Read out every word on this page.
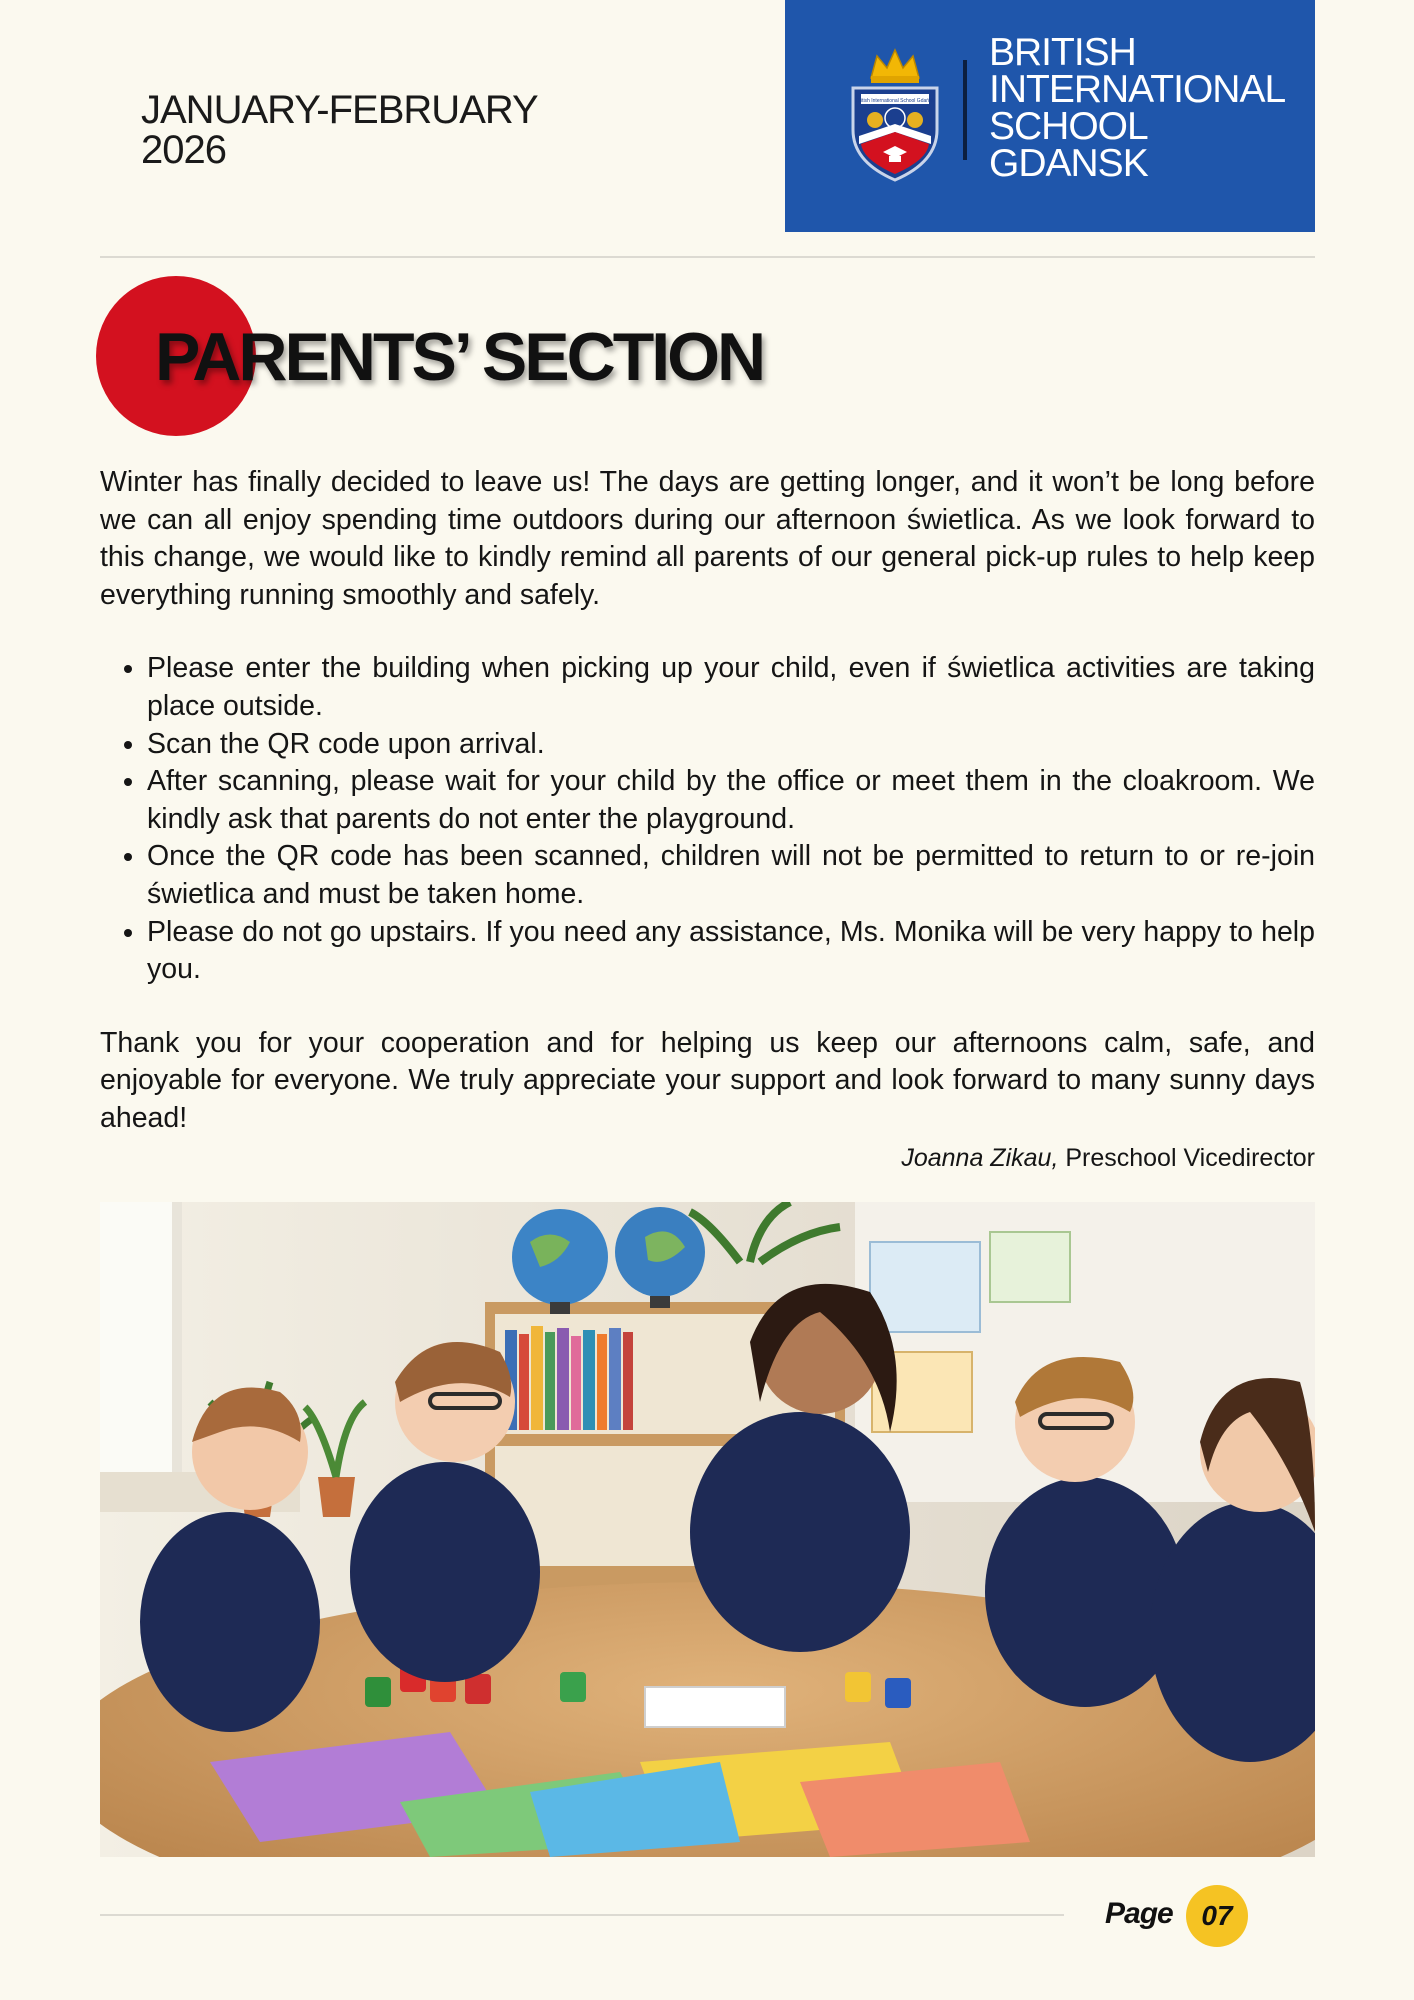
JANUARY-FEBRUARY
2026
British International School Gdańsk
BRITISH
INTERNATIONAL
SCHOOL
GDANSK
PARENTS’ SECTION

Winter has finally decided to leave us! The days are getting longer, and it won’t be long before we can all enjoy spending time outdoors during our afternoon świetlica. As we look forward to this change, we would like to kindly remind all parents of our general pick-up rules to help keep everything running smoothly and safely.

• Please enter the building when picking up your child, even if świetlica activities are taking place outside.
• Scan the QR code upon arrival.
• After scanning, please wait for your child by the office or meet them in the cloakroom. We kindly ask that parents do not enter the playground.
• Once the QR code has been scanned, children will not be permitted to return to or re-join świetlica and must be taken home.
• Please do not go upstairs. If you need any assistance, Ms. Monika will be very happy to help you.

Thank you for your cooperation and for helping us keep our afternoons calm, safe, and enjoyable for everyone. We truly appreciate your support and look forward to many sunny days ahead!

Joanna Zikau, Preschool Vicedirector

Page	07
